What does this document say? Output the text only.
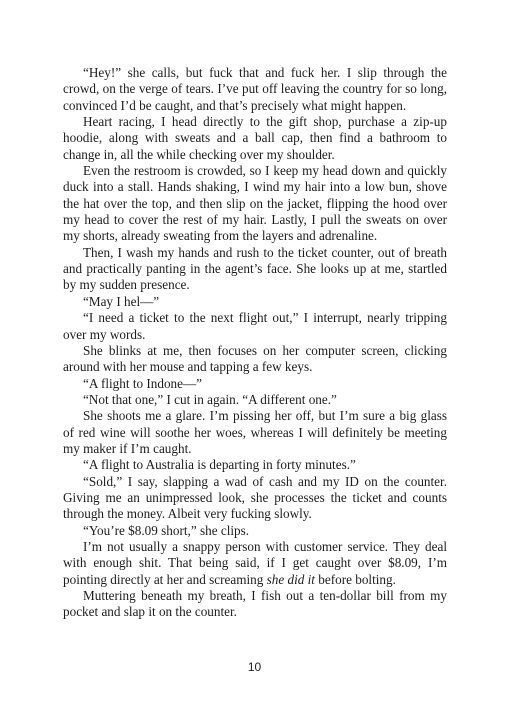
“Hey!” she calls, but fuck that and fuck her. I slip through the crowd, on the verge of tears. I’ve put off leaving the country for so long, convinced I’d be caught, and that’s precisely what might happen.

Heart racing, I head directly to the gift shop, purchase a zip-up hoodie, along with sweats and a ball cap, then find a bathroom to change in, all the while checking over my shoulder.

Even the restroom is crowded, so I keep my head down and quickly duck into a stall. Hands shaking, I wind my hair into a low bun, shove the hat over the top, and then slip on the jacket, flipping the hood over my head to cover the rest of my hair. Lastly, I pull the sweats on over my shorts, already sweating from the layers and adrenaline.

Then, I wash my hands and rush to the ticket counter, out of breath and practically panting in the agent’s face. She looks up at me, startled by my sudden presence.

“May I hel—”

“I need a ticket to the next flight out,” I interrupt, nearly tripping over my words.

She blinks at me, then focuses on her computer screen, clicking around with her mouse and tapping a few keys.

“A flight to Indone—”

“Not that one,” I cut in again. “A different one.”

She shoots me a glare. I’m pissing her off, but I’m sure a big glass of red wine will soothe her woes, whereas I will definitely be meeting my maker if I’m caught.

“A flight to Australia is departing in forty minutes.”

“Sold,” I say, slapping a wad of cash and my ID on the counter. Giving me an unimpressed look, she processes the ticket and counts through the money. Albeit very fucking slowly.

“You’re $8.09 short,” she clips.

I’m not usually a snappy person with customer service. They deal with enough shit. That being said, if I get caught over $8.09, I’m pointing directly at her and screaming she did it before bolting.

Muttering beneath my breath, I fish out a ten-dollar bill from my pocket and slap it on the counter.

10
